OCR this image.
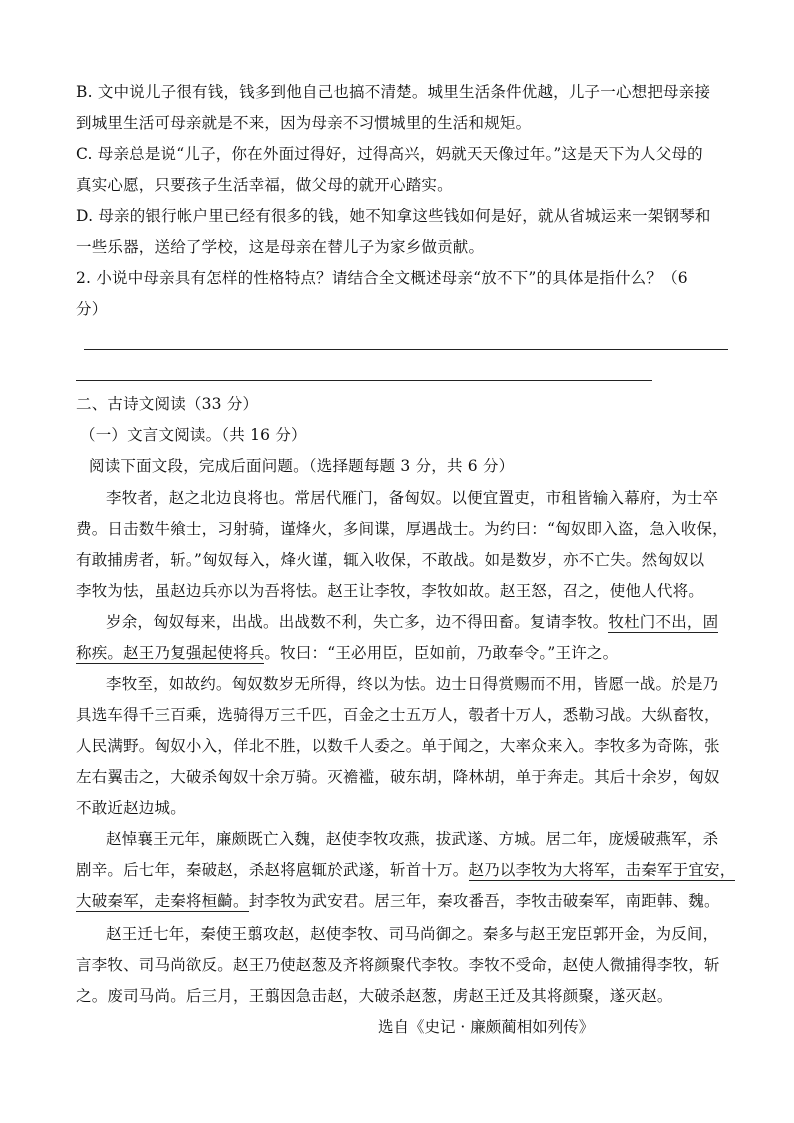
B. 文中说儿子很有钱，钱多到他自己也搞不清楚。城里生活条件优越，儿子一心想把母亲接
到城里生活可母亲就是不来，因为母亲不习惯城里的生活和规矩。
C. 母亲总是说“儿子，你在外面过得好，过得高兴，妈就天天像过年。”这是天下为人父母的
真实心愿，只要孩子生活幸福，做父母的就开心踏实。
D. 母亲的银行帐户里已经有很多的钱，她不知拿这些钱如何是好，就从省城运来一架钢琴和
一些乐器，送给了学校，这是母亲在替儿子为家乡做贡献。
2. 小说中母亲具有怎样的性格特点？请结合全文概述母亲“放不下”的具体是指什么？（6
分）
二、古诗文阅读（33 分）
（一）文言文阅读。（共 16 分）
阅读下面文段，完成后面问题。（选择题每题 3 分，共 6 分）
李牧者，赵之北边良将也。常居代雁门，备匈奴。以便宜置吏，市租皆输入幕府，为士卒
费。日击数牛飨士，习射骑，谨烽火，多间谍，厚遇战士。为约曰：“匈奴即入盗，急入收保，
有敢捕虏者，斩。”匈奴每入，烽火谨，辄入收保，不敢战。如是数岁，亦不亡失。然匈奴以
李牧为怯，虽赵边兵亦以为吾将怯。赵王让李牧，李牧如故。赵王怒，召之，使他人代将。
岁余，匈奴每来，出战。出战数不利，失亡多，边不得田畜。复请李牧。牧杜门不出，固
称疾。赵王乃复强起使将兵。牧曰：“王必用臣，臣如前，乃敢奉令。”王许之。
李牧至，如故约。匈奴数岁无所得，终以为怯。边士日得赏赐而不用，皆愿一战。於是乃
具选车得千三百乘，选骑得万三千匹，百金之士五万人，彀者十万人，悉勒习战。大纵畜牧，
人民满野。匈奴小入，佯北不胜，以数千人委之。单于闻之，大率众来入。李牧多为奇陈，张
左右翼击之，大破杀匈奴十余万骑。灭襜褴，破东胡，降林胡，单于奔走。其后十余岁，匈奴
不敢近赵边城。
赵悼襄王元年，廉颇既亡入魏，赵使李牧攻燕，拔武遂、方城。居二年，庞煖破燕军，杀
剧辛。后七年，秦破赵，杀赵将扈辄於武遂，斩首十万。赵乃以李牧为大将军，击秦军于宜安，
大破秦军，走秦将桓齮。封李牧为武安君。居三年，秦攻番吾，李牧击破秦军，南距韩、魏。
赵王迁七年，秦使王翦攻赵，赵使李牧、司马尚御之。秦多与赵王宠臣郭开金，为反间，
言李牧、司马尚欲反。赵王乃使赵葱及齐将颜聚代李牧。李牧不受命，赵使人微捕得李牧，斩
之。废司马尚。后三月，王翦因急击赵，大破杀赵葱，虏赵王迁及其将颜聚，遂灭赵。
选自《史记 · 廉颇蔺相如列传》
